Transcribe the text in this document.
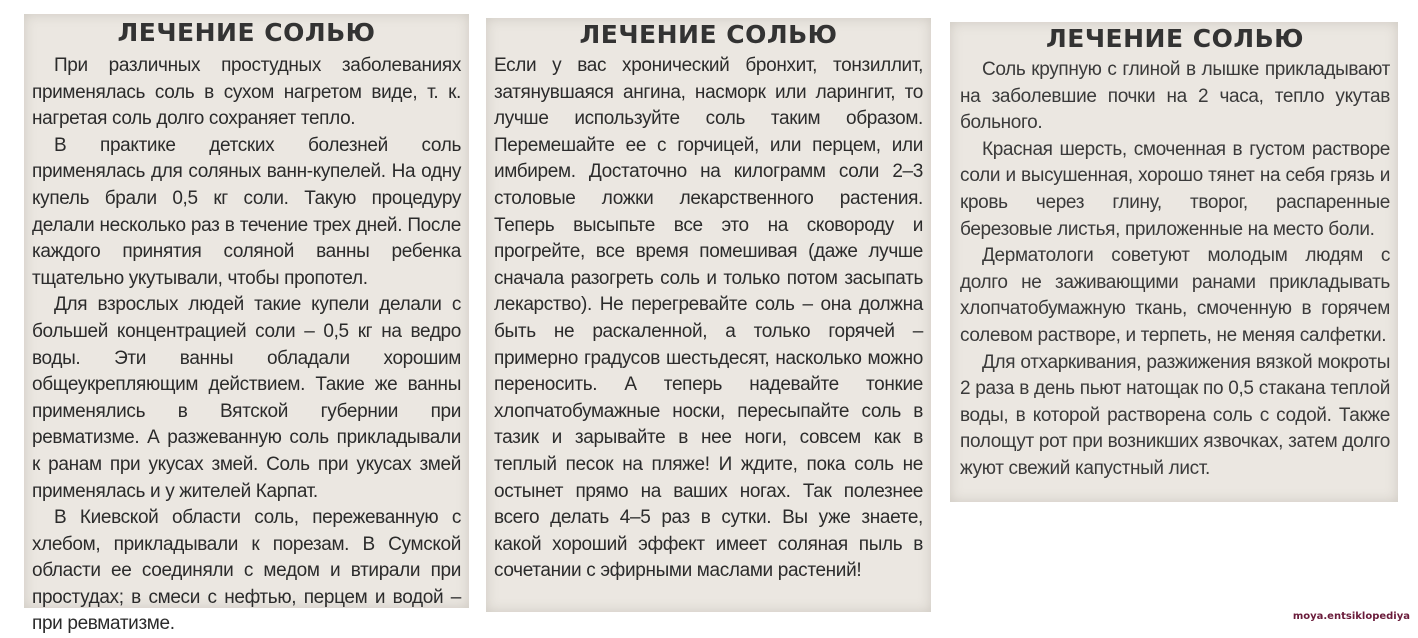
ЛЕЧЕНИЕ СОЛЬЮ

При различных простудных заболеваниях применялась соль в сухом нагретом виде, т. к. нагретая соль долго сохраняет тепло.

В практике детских болезней соль применялась для соляных ванн-купелей. На одну купель брали 0,5 кг соли. Такую процедуру делали несколько раз в течение трех дней. После каждого принятия соляной ванны ребенка тщательно укутывали, чтобы пропотел.

Для взрослых людей такие купели делали с большей концентрацией соли – 0,5 кг на ведро воды. Эти ванны обладали хорошим общеукрепляющим действием. Такие же ванны применялись в Вятской губернии при ревматизме. А разжеванную соль прикладывали к ранам при укусах змей. Соль при укусах змей применялась и у жителей Карпат.

В Киевской области соль, пережеванную с хлебом, прикладывали к порезам. В Сумской области ее соединяли с медом и втирали при простудах; в смеси с нефтью, перцем и водой – при ревматизме.

ЛЕЧЕНИЕ СОЛЬЮ

Если у вас хронический бронхит, тонзиллит, затянувшаяся ангина, насморк или ларингит, то лучше используйте соль таким образом. Перемешайте ее с горчицей, или перцем, или имбирем. Достаточно на килограмм соли 2–3 столовые ложки лекарственного растения. Теперь высыпьте все это на сковороду и прогрейте, все время помешивая (даже лучше сначала разогреть соль и только потом засыпать лекарство). Не перегревайте соль – она должна быть не раскаленной, а только горячей – примерно градусов шестьдесят, насколько можно переносить. А теперь надевайте тонкие хлопчатобумажные носки, пересыпайте соль в тазик и зарывайте в нее ноги, совсем как в теплый песок на пляже! И ждите, пока соль не остынет прямо на ваших ногах. Так полезнее всего делать 4–5 раз в сутки. Вы уже знаете, какой хороший эффект имеет соляная пыль в сочетании с эфирными маслами растений!

ЛЕЧЕНИЕ СОЛЬЮ

Соль крупную с глиной в лышке прикладывают на заболевшие почки на 2 часа, тепло укутав больного.

Красная шерсть, смоченная в густом растворе соли и высушенная, хорошо тянет на себя грязь и кровь через глину, творог, распаренные березовые листья, приложенные на место боли.

Дерматологи советуют молодым людям с долго не заживающими ранами прикладывать хлопчатобумажную ткань, смоченную в горячем солевом растворе, и терпеть, не меняя салфетки.

Для отхаркивания, разжижения вязкой мокроты 2 раза в день пьют натощак по 0,5 стакана теплой воды, в которой растворена соль с содой. Также полощут рот при возникших язвочках, затем долго жуют свежий капустный лист.

moya.entsiklopediya
